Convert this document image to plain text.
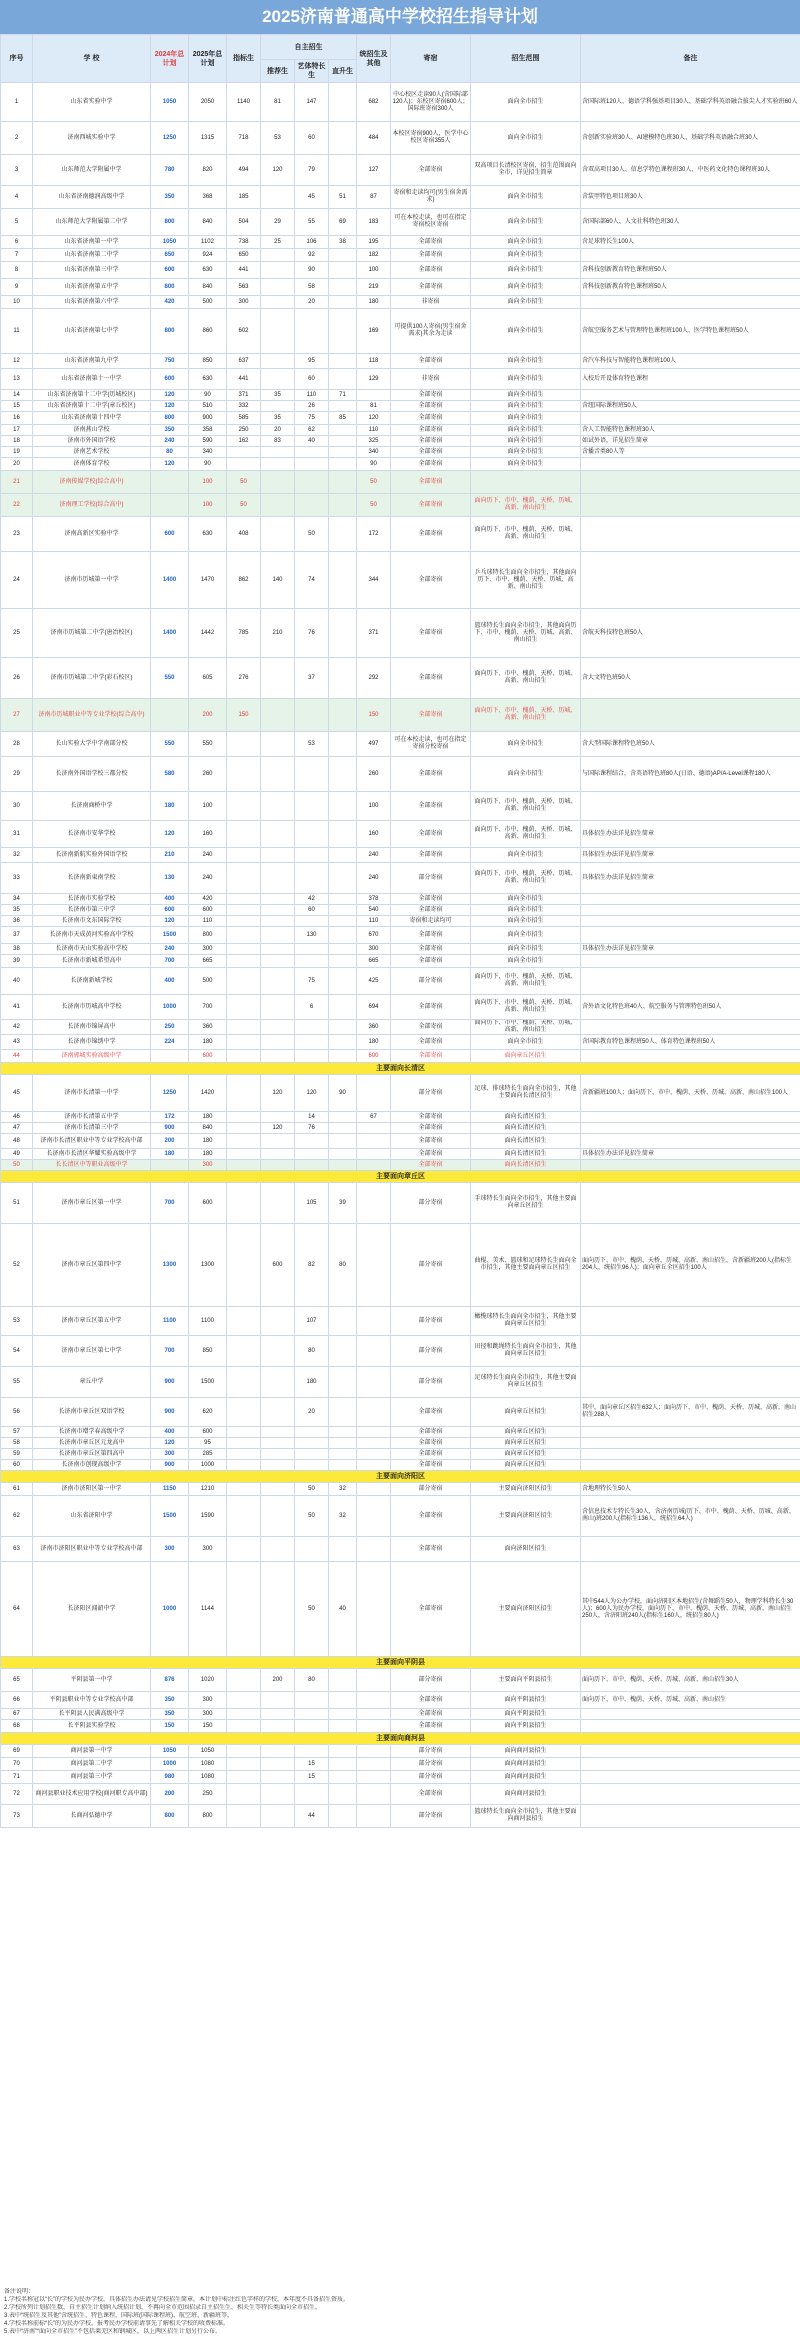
2025济南普通高中学校招生指导计划
序号	学 校	2024年总计划	2025年总计划	指标生	自主招生			统招生及其他	寄宿	招生范围	备注
					推荐生	艺体特长生	直升生				
1	山东省实验中学	1050	2050	1140	81	147		682	中心校区走读90人(含国际部120人)；东校区寄宿600人；国际班寄宿300人	面向全市招生	含国际班120人、德语学科强基项目30人、基础学科英语融合拔尖人才实验班60人
2	济南西城实验中学	1250	1315	718	53	60		484	本校区寄宿900人，医学中心校区寄宿355人	面向全市招生	含创新实验班30人、AI建模特色班30人、基础学科英语融合班30人
3	山东师范大学附属中学	780	820	494	120	79		127	全部寄宿	双高项目长清校区寄宿，招生范围面向全市，详见招生简章	含双高项目30人、信息学特色课程班30人、中医药文化特色课程班30人
4	山东省济南德润高级中学	350	368	185		45	51	87	寄宿和走读均可(男生宿舍需求)	面向全市招生	含装甲特色项目班30人
5	山东师范大学附属第二中学	800	840	504	29	55	69	183	可在本校走读，也可在指定寄宿校区寄宿	面向全市招生	含国际部60人、人文社科特色班30人
6	山东省济南第一中学	1050	1102	738	25	106	38	195	全部寄宿	面向全市招生	含足球特长生100人
7	山东省济南第二中学	650	924	650		92		182	全部寄宿	面向全市招生	
8	山东省济南第三中学	600	630	441		90		100	全部寄宿	面向全市招生	含科技创新教育特色课程班50人
9	山东省济南第五中学	800	840	563		58		219	全部寄宿	面向全市招生	含科技创新教育特色课程班50人
10	山东省济南第六中学	420	500	300		20		180	非寄宿	面向全市招生	
11	山东省济南第七中学	800	860	602				169	可提供100人寄宿(男生宿舍需求)其余为走读	面向全市招生	含航空服务艺术与管理特色课程班100人、医学特色课程班50人
12	山东省济南第九中学	750	850	637		95		118	全部寄宿	面向全市招生	含汽车科技与智能特色课程班100人
13	山东省济南第十一中学	600	630	441		60		129	非寄宿	面向全市招生	入校后开设体育特色课程
14	山东省济南第十二中学(历城校区)	120	90	371	35	110	71		全部寄宿	面向全市招生	
15	山东省济南第十二中学(章丘校区)	120	510	332		26		81	全部寄宿	面向全市招生	含纽国际课程班50人
16	山东省济南第十四中学	800	900	585	35	75	85	120	全部寄宿	面向全市招生	
17	济南燕山学校	350	358	250	20	62		110	全部寄宿	面向全市招生	含人工智能特色课程班30人
18	济南市外国语学校	240	590	162	83	40		325	全部寄宿	面向全市招生	如试外语，详见招生简章
19	济南艺术学校	80	340					340	全部寄宿	面向全市招生	含播音类80人等
20	济南体育学校	120	90					90	全部寄宿	面向全市招生	
21	济南传媒学校(综合高中)		100	50				50	全部寄宿		
22	济南理工学校(综合高中)		100	50				50	全部寄宿	面向历下、市中、槐荫、天桥、历城、高新、南山招生	
23	济南高新区实验中学	600	630	408		50		172	全部寄宿	面向历下、市中、槐荫、天桥、历城、高新、南山招生	
24	济南市历城第一中学	1400	1470	862	140	74		344	全部寄宿	乒乓球特长生面向全市招生，其他面向历下、市中、槐荫、天桥、历城、高新、南山招生	
25	济南市历城第二中学(唐冶校区)	1400	1442	785	210	76		371	全部寄宿	篮球特长生面向全市招生，其他面向历下、市中、槐荫、天桥、历城、高新、南山招生	含航天科技特色班50人
26	济南市历城第二中学(彩石校区)	550	605	276		37		292	全部寄宿	面向历下、市中、槐荫、天桥、历城、高新、南山招生	含大文特色班50人
27	济南市历城职业中等专业学校(综合高中)		200	150				150	全部寄宿	面向历下、市中、槐荫、天桥、历城、高新、南山招生	
28	长山实验大学中学南部分校	550	550			53		497	可在本校走读，也可在指定寄宿分校寄宿	面向全市招生	含大型国际课程特色班50人
29	长济南外国语学校三都分校	580	260					260	全部寄宿	面向全市招生	与国际课程结合，含英语特色班80人(日语、德语)AP/A-Level课程180人
30	长济南商桥中学	180	100					100	全部寄宿	面向历下、市中、槐荫、天桥、历城、高新、南山招生	
31	长济南市安华学校	120	160					160	全部寄宿	面向历下、市中、槐荫、天桥、历城、高新、南山招生	具体招生办法详见招生简章
32	长济南新航实验外国语学校	210	240					240	全部寄宿	面向全市招生	具体招生办法详见招生简章
33	长济南新東南学校	130	240					240	部分寄宿	面向历下、市中、槐荫、天桥、历城、高新、南山招生	具体招生办法详见招生简章
34	长济南市实验学校	400	420			42		378	全部寄宿	面向全市招生	
35	长济南市第三中学	600	600			60		540	全部寄宿	面向全市招生	
36	长济南市文东国际学校	120	110					110	寄宿和走读均可	面向全市招生	
37	长济南市天成黄河实验高中学校	1500	800			130		670	全部寄宿	面向全市招生	
38	长济南市天山实验高中学校	240	300					300	全部寄宿	面向全市招生	具体招生办法详见招生简章
39	长济南市新城希望高中	700	665					665	全部寄宿	面向全市招生	
40	长济南新城学校	400	500			75		425	部分寄宿	面向历下、市中、槐荫、天桥、历城、高新、南山招生	
41	长济南市历城高中学校	1000	700			6		694	全部寄宿	面向历下、市中、槐荫、天桥、历城、高新、南山招生	含外语文化特色班40人、航空服务与管理特色班50人
42	长济南市锦屏高中	250	360					360	全部寄宿	面向历下、市中、槐荫、天桥、历城、高新、南山招生	
43	长济南市锦绣中学	224	180					180	全部寄宿	面向全市招生	含国际教育特色课程班50人、体育特色课程班50人
44	济南郭城实验高级中学		600					600	全部寄宿	面向章丘区招生	
主要面向长清区											
45	济南市长清第一中学	1250	1420		120	120	90		部分寄宿	足球、排球特长生面向全市招生，其他主要面向长清区招生	含新疆班100人；面向历下、市中、槐荫、天桥、历城、高新、南山招生100人
46	济南市长清第五中学	172	180			14		67	全部寄宿	面向长清区招生	
47	济南市长清第三中学	900	840		120	76			全部寄宿	面向长清区招生	
48	济南市长清区职业中等专业学校高中部	200	180						全部寄宿	面向长清区招生	
49	长济南市长清区华耀实验高级中学	180	180						全部寄宿	面向长清区招生	具体招生办法详见招生简章
50	长长清区中等职业高级中学		300						全部寄宿	面向长清区招生	
主要面向章丘区											
51	济南市章丘区第一中学	700	600			105	39		部分寄宿	手球特长生面向全市招生，其他主要面向章丘区招生	
52	济南市章丘区第四中学	1300	1300		600	82	80		部分寄宿	曲棍、美术、篮球和足球特长生面向全市招生，其他主要面向章丘区招生	面向历下、市中、槐荫、天桥、历城、高新、南山招生，含新疆班200人(指标生204人，统招生96人)；面向章丘全区招生100人
53	济南市章丘区第五中学	1100	1100			107			部分寄宿	橄榄球特长生面向全市招生，其他主要面向章丘区招生	
54	济南市章丘区第七中学	700	850			80			部分寄宿	田径和跳绳特长生面向全市招生，其他面向章丘区招生	
55	章丘中学	900	1500			180			部分寄宿	足球特长生面向全市招生，其他主要面向章丘区招生	
56	长济南市章丘区双语学校	900	620			20			全部寄宿	面向章丘区招生	其中，面向章丘区招生632人；面向历下、市中、槐荫、天桥、历城、高新、南山招生288人
57	长济南市增学春高级中学	400	600						全部寄宿	面向章丘区招生	
58	长济南市章丘区元龙高中	120	95						全部寄宿	面向章丘区招生	
59	长济南市章丘区第四高中	300	285						全部寄宿	面向章丘区招生	
60	长济南市创现高级中学	900	1000						全部寄宿	面向章丘区招生	
主要面向济阳区											
61	济南市济阳区第一中学	1150	1210			50	32		部分寄宿	主要面向济阳区招生	含地理特长生50人
62	山东省济阳中学	1500	1590			50	32		全部寄宿	主要面向济阳区招生	含信息技术专特长生30人，含济南历城(历下、市中、槐荫、天桥、历城、高新、南山)班200人(指标生136人，统招生64人)
63	济南市济阳区职业中等专业学校高中部	300	300						全部寄宿	面向济阳区招生	
64	长济阳区闻韶中学	1000	1144			50	40		全部寄宿	主要面向济阳区招生	其中544人为公办学校，面向济阳区本地招生(含舞蹈生50人，物理学科特长生30人)；600人为民办学校，面向历下、市中、槐荫、天桥、历城、高新、南山招生250人，含济阳班240人(指标生160人，统招生80人)
主要面向平阴县											
65	平阴县第一中学	876	1020		200	80			部分寄宿	主要面向平阴县招生	面向历下、市中、槐荫、天桥、历城、高新、南山招生30人
66	平阴县职业中等专业学校高中部	350	300						全部寄宿	面向平阴县招生	面向历下、市中、槐荫、天桥、历城、高新、南山招生
67	长平阴县人民满高级中学	350	300						全部寄宿	面向平阴县招生	
68	长平阴县实验学校	150	150						全部寄宿	面向平阴县招生	
主要面向商河县											
69	商河县第一中学	1050	1050						部分寄宿	面向商河县招生	
70	商河县第二中学	1000	1080			15			部分寄宿	面向商河县招生	
71	商河县第三中学	980	1080			15			部分寄宿	面向商河县招生	
72	商河县职业技术应用学校(商河职专高中部)	200	250						全部寄宿	面向商河县招生	
73	长商河弘德中学	800	800			44			部分寄宿	篮球特长生面向全市招生，其他主要面向商河县招生	
备注说明：
1.学校名称冠以“长”的学校为民办学校，具体招生办法请见学校招生简章。本计划中标注红色字样的学校，本年度不具备招生资质。
2.学校所列计划招生数，自主招生计划纳入统招计划，不再向全市范围招录自主招生生，相关生等特长类面向全市招生。
3.表中“统招生及其他”含统招生、特色课程、国际班(国际课程班)、航空班、新疆班等。
4.学校名称前标“长”的为民办学校。报考民办学校前请事先了解相关学校的收费标准。
5.表中“济南”“面向全市招生”不包括莱芜区和钢城区，以上两区招生计划另行公布。
